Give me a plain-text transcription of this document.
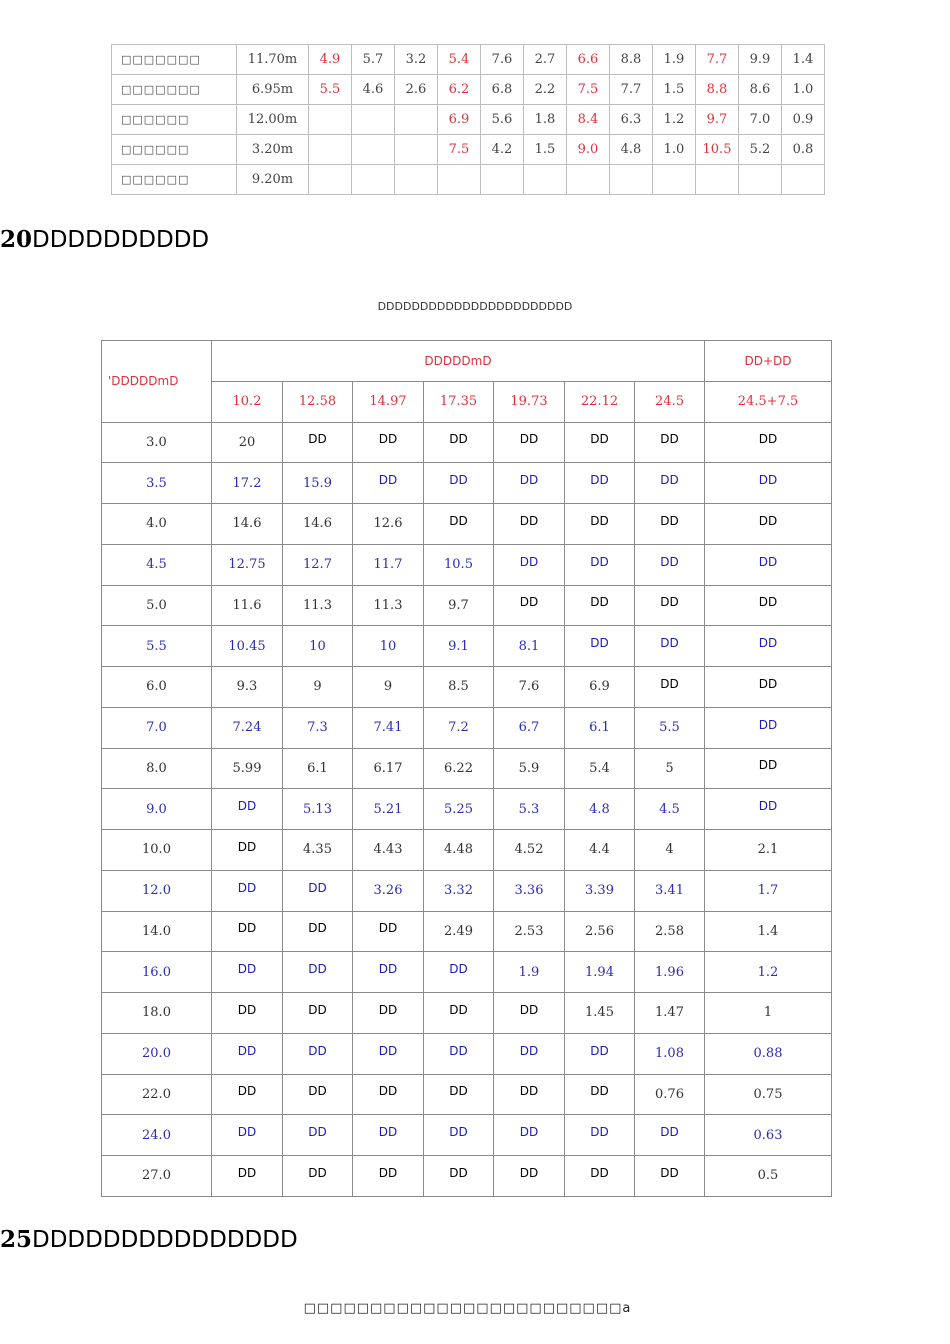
□□□□□□□	11.70m	4.9	5.7	3.2	5.4	7.6	2.7	6.6	8.8	1.9	7.7	9.9	1.4
□□□□□□□	6.95m	5.5	4.6	2.6	6.2	6.8	2.2	7.5	7.7	1.5	8.8	8.6	1.0
□□□□□□	12.00m				6.9	5.6	1.8	8.4	6.3	1.2	9.7	7.0	0.9
□□□□□□	3.20m				7.5	4.2	1.5	9.0	4.8	1.0	10.5	5.2	0.8
□□□□□□	9.20m												
20DDDDDDDDDD
DDDDDDDDDDDDDDDDDDDDDDD
'DDDDDmD	DDDDDmD							DD+DD
	10.2	12.58	14.97	17.35	19.73	22.12	24.5	24.5+7.5
3.0	20	DD	DD	DD	DD	DD	DD	DD
3.5	17.2	15.9	DD	DD	DD	DD	DD	DD
4.0	14.6	14.6	12.6	DD	DD	DD	DD	DD
4.5	12.75	12.7	11.7	10.5	DD	DD	DD	DD
5.0	11.6	11.3	11.3	9.7	DD	DD	DD	DD
5.5	10.45	10	10	9.1	8.1	DD	DD	DD
6.0	9.3	9	9	8.5	7.6	6.9	DD	DD
7.0	7.24	7.3	7.41	7.2	6.7	6.1	5.5	DD
8.0	5.99	6.1	6.17	6.22	5.9	5.4	5	DD
9.0	DD	5.13	5.21	5.25	5.3	4.8	4.5	DD
10.0	DD	4.35	4.43	4.48	4.52	4.4	4	2.1
12.0	DD	DD	3.26	3.32	3.36	3.39	3.41	1.7
14.0	DD	DD	DD	2.49	2.53	2.56	2.58	1.4
16.0	DD	DD	DD	DD	1.9	1.94	1.96	1.2
18.0	DD	DD	DD	DD	DD	1.45	1.47	1
20.0	DD	DD	DD	DD	DD	DD	1.08	0.88
22.0	DD	DD	DD	DD	DD	DD	0.76	0.75
24.0	DD	DD	DD	DD	DD	DD	DD	0.63
27.0	DD	DD	DD	DD	DD	DD	DD	0.5
25DDDDDDDDDDDDDDD
□□□□□□□□□□□□□□□□□□□□□□□□a
